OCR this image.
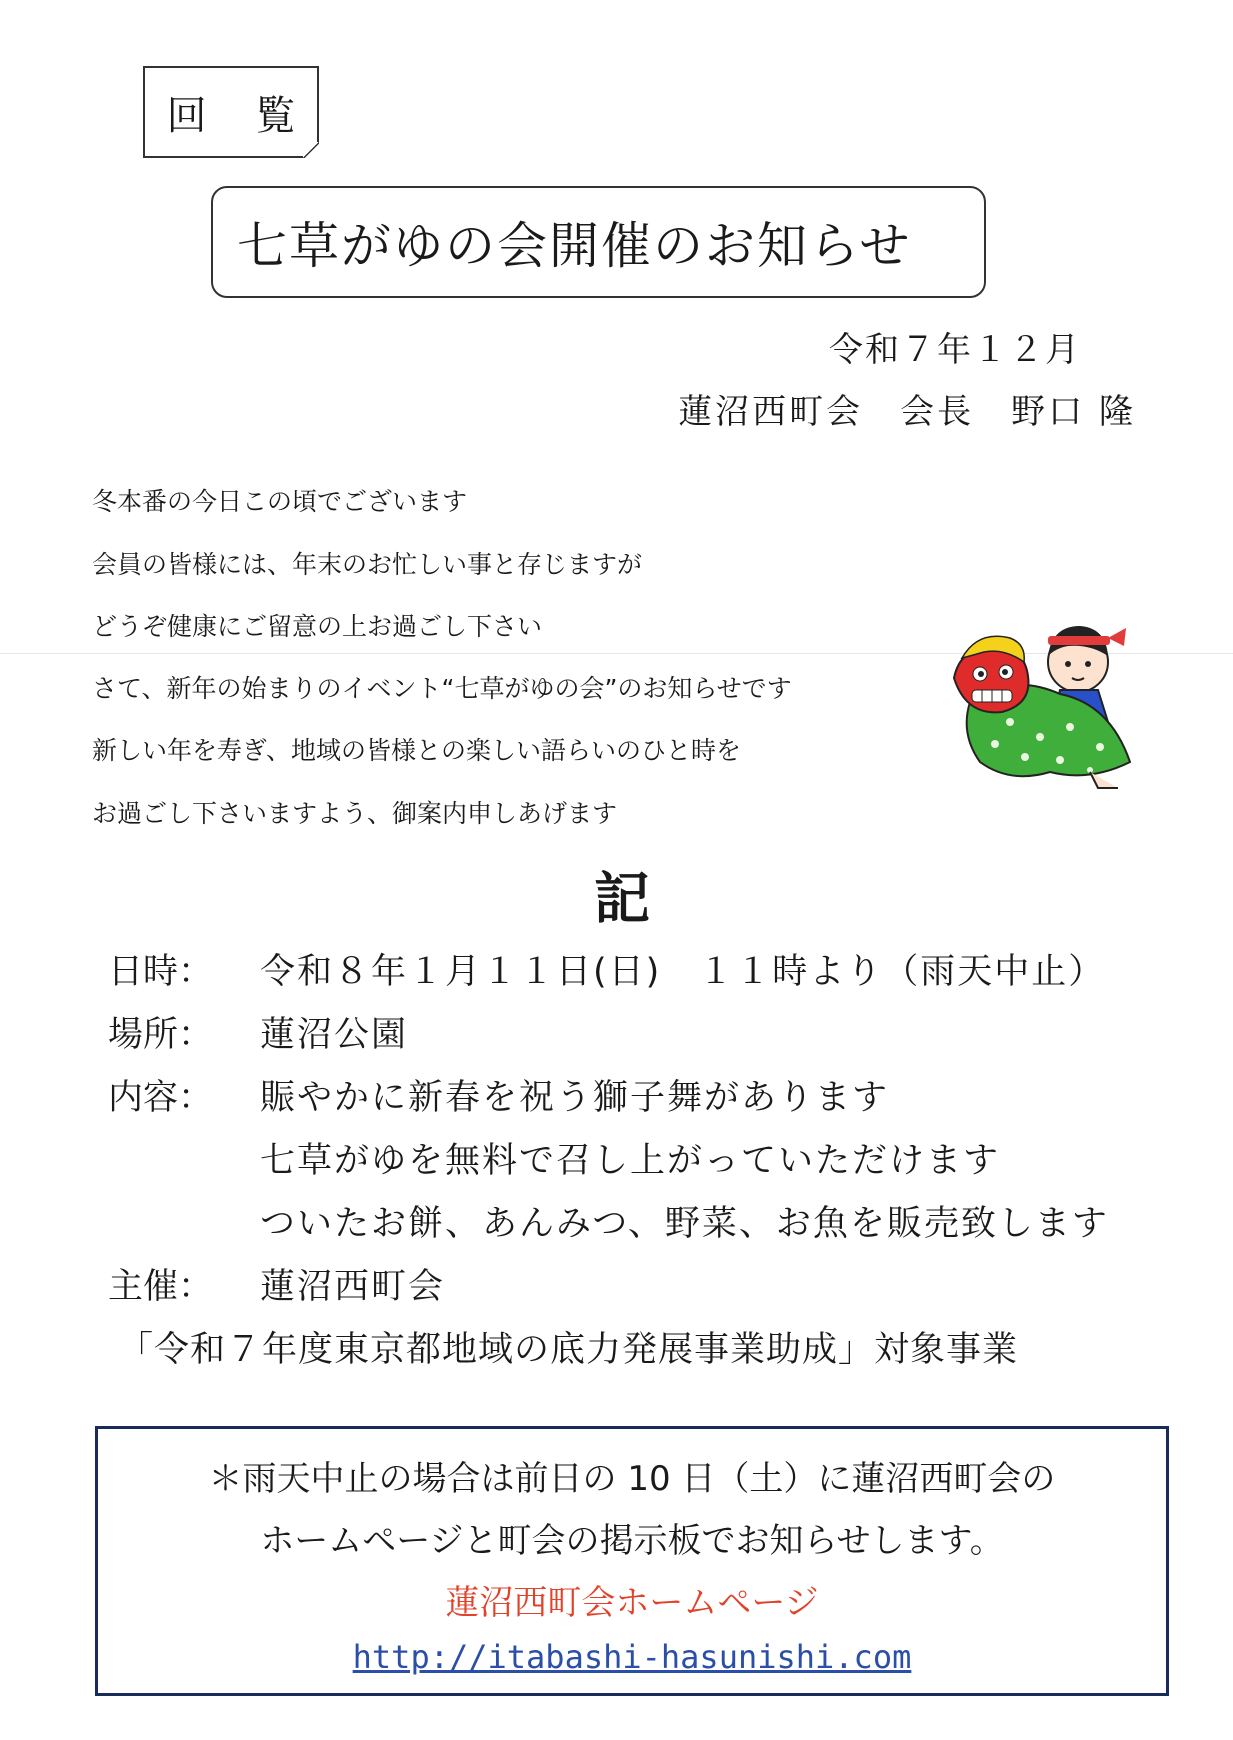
回 覧
七草がゆの会開催のお知らせ
令和７年１２月
蓮沼西町会　会長　野口 隆
冬本番の今日この頃でございます
会員の皆様には、年末のお忙しい事と存じますが
どうぞ健康にご留意の上お過ごし下さい
さて、新年の始まりのイベント“七草がゆの会”のお知らせです
新しい年を寿ぎ、地域の皆様との楽しい語らいのひと時を
お過ごし下さいますよう、御案内申しあげます
記
日時： 令和８年１月１１日(日)　１１時より（雨天中止）
場所： 蓮沼公園
内容： 賑やかに新春を祝う獅子舞があります
七草がゆを無料で召し上がっていただけます
ついたお餅、あんみつ、野菜、お魚を販売致します
主催： 蓮沼西町会
「令和７年度東京都地域の底力発展事業助成」対象事業
＊雨天中止の場合は前日の 10 日（土）に蓮沼西町会の
ホームページと町会の掲示板でお知らせします。
蓮沼西町会ホームページ
http://itabashi-hasunishi.com
